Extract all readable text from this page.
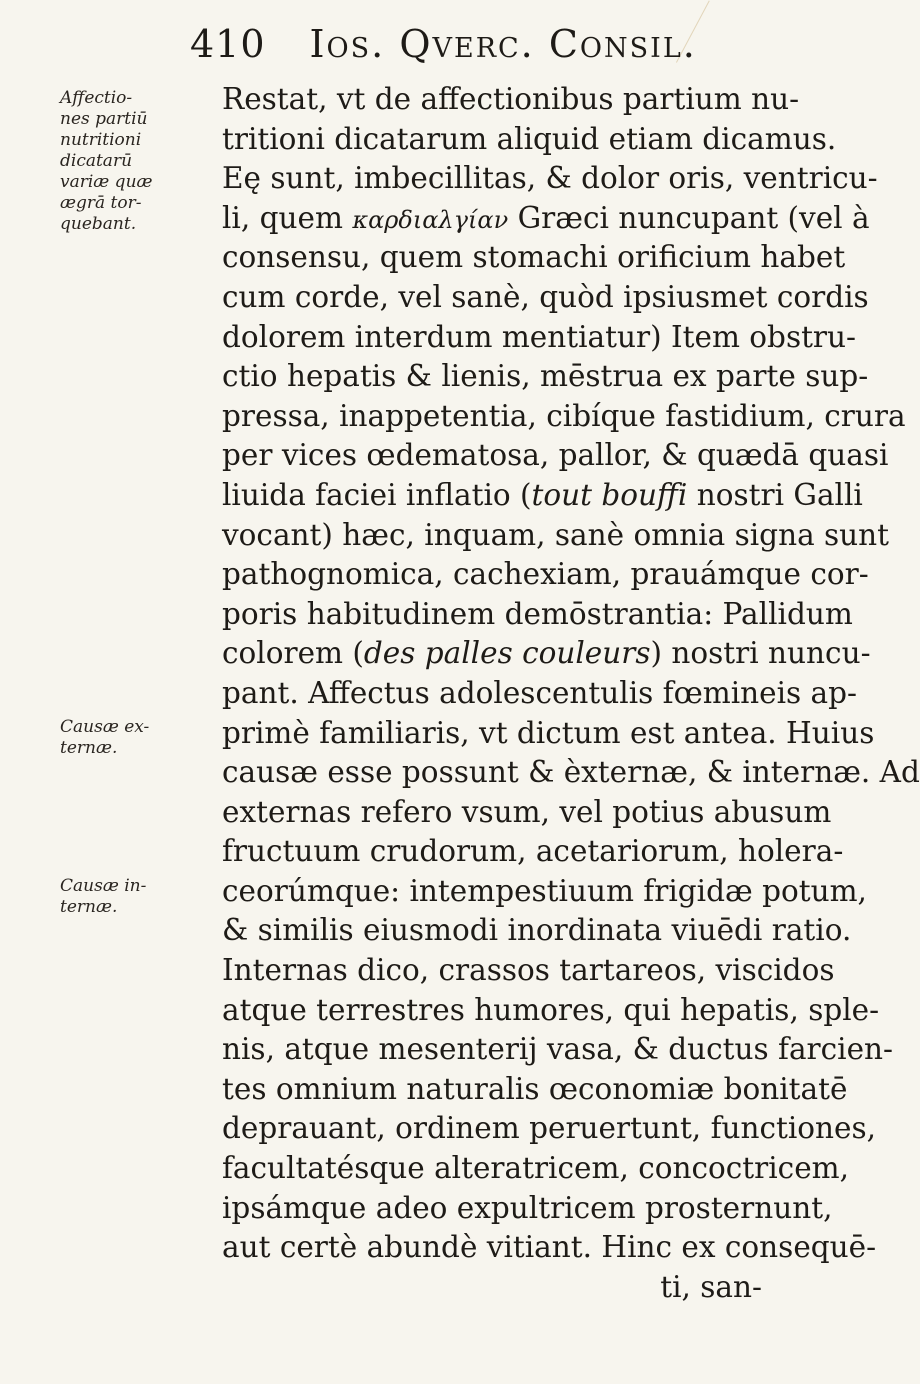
410 Ios. Qverc. Consil.
Affectio-
nes partiū
nutritioni
dicatarū
variæ quæ
ægrā tor-
quebant.
Causæ ex-
ternæ.
Causæ in-
ternæ.
Restat, vt de affectionibus partium nu-
tritioni dicatarum aliquid etiam dicamus.
Eę sunt, imbecillitas, & dolor oris, ventricu-
li, quem καρδιαλγίαν Græci nuncupant (vel à
consensu, quem stomachi orificium habet
cum corde, vel sanè, quòd ipsiusmet cordis
dolorem interdum mentiatur) Item obstru-
ctio hepatis & lienis, mēstrua ex parte sup-
pressa, inappetentia, cibíque fastidium, crura
per vices œdematosa, pallor, & quædā quasi
liuida faciei inflatio (tout bouffi nostri Galli
vocant) hæc, inquam, sanè omnia signa sunt
pathognomica, cachexiam, prauámque cor-
poris habitudinem demōstrantia: Pallidum
colorem (des palles couleurs) nostri nuncu-
pant. Affectus adolescentulis fœmineis ap-
primè familiaris, vt dictum est antea. Huius
causæ esse possunt & èxternæ, & internæ. Ad
externas refero vsum, vel potius abusum
fructuum crudorum, acetariorum, holera-
ceorúmque: intempestiuum frigidæ potum,
& similis eiusmodi inordinata viuēdi ratio.
Internas dico, crassos tartareos, viscidos
atque terrestres humores, qui hepatis, sple-
nis, atque mesenterij vasa, & ductus farcien-
tes omnium naturalis œconomiæ bonitatē
deprauant, ordinem peruertunt, functiones,
facultatésque alteratricem, concoctricem,
ipsámque adeo expultricem prosternunt,
aut certè abundè vitiant. Hinc ex consequē-
ti, san-
